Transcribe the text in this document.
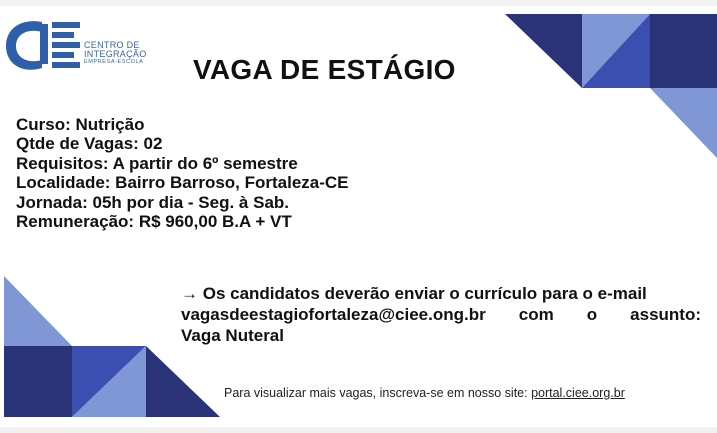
CENTRO DE
INTEGRAÇÃO
EMPRESA-ESCOLA VAGA DE ESTÁGIO
Curso: Nutrição
Qtde de Vagas: 02
Requisitos: A partir do 6º semestre
Localidade: Bairro Barroso, Fortaleza-CE
Jornada: 05h por dia - Seg. à Sab.
Remuneração: R$ 960,00 B.A + VT
→ Os candidatos deverão enviar o currículo para o e-mail
vagasdeestagiofortaleza@ciee.ong.br com o assunto:
Vaga Nuteral
Para visualizar mais vagas, inscreva-se em nosso site: portal.ciee.org.br
